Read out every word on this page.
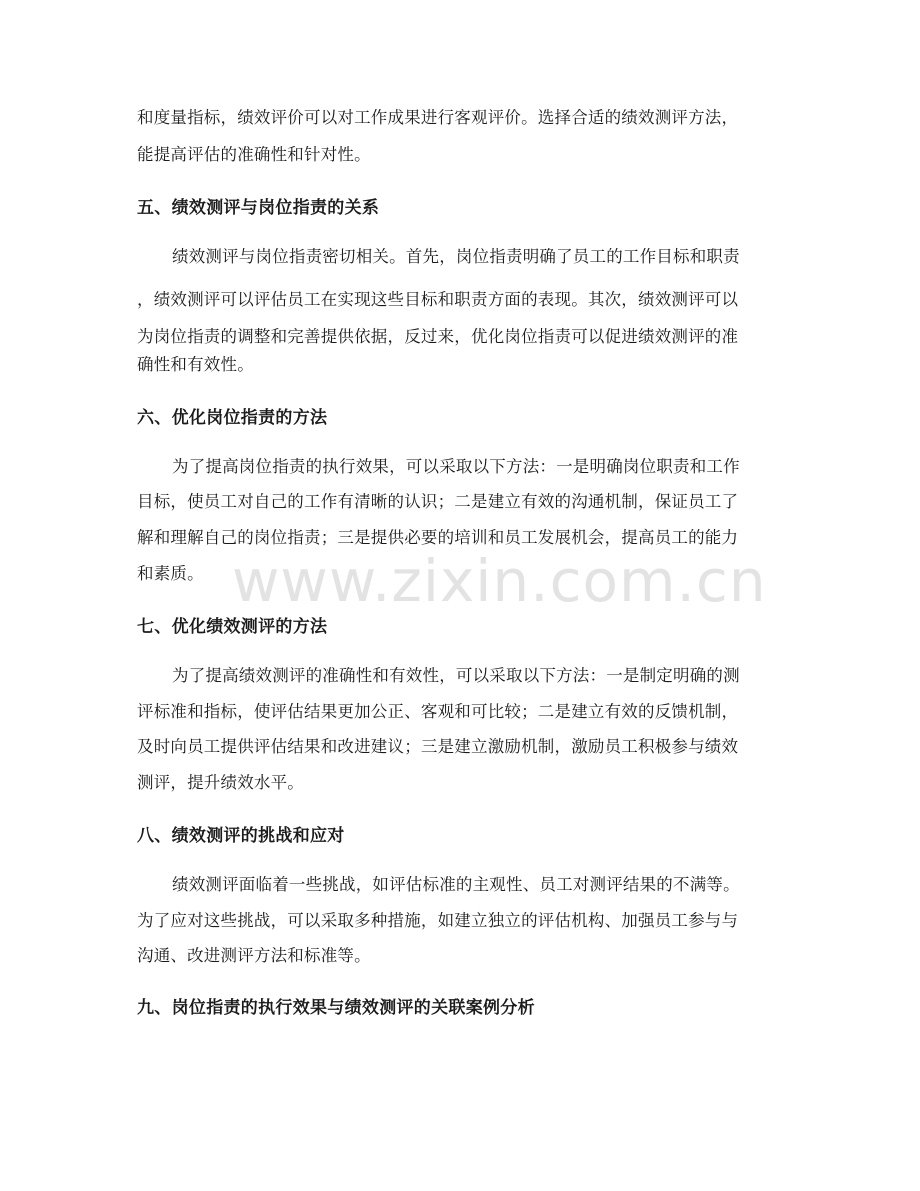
www.zixin.com.cn
和度量指标，绩效评价可以对工作成果进行客观评价。选择合适的绩效测评方法，
能提高评估的准确性和针对性。
五、绩效测评与岗位指责的关系
绩效测评与岗位指责密切相关。首先，岗位指责明确了员工的工作目标和职责
，绩效测评可以评估员工在实现这些目标和职责方面的表现。其次，绩效测评可以
为岗位指责的调整和完善提供依据，反过来，优化岗位指责可以促进绩效测评的准
确性和有效性。
六、优化岗位指责的方法
为了提高岗位指责的执行效果，可以采取以下方法：一是明确岗位职责和工作
目标，使员工对自己的工作有清晰的认识；二是建立有效的沟通机制，保证员工了
解和理解自己的岗位指责；三是提供必要的培训和员工发展机会，提高员工的能力
和素质。
七、优化绩效测评的方法
为了提高绩效测评的准确性和有效性，可以采取以下方法：一是制定明确的测
评标准和指标，使评估结果更加公正、客观和可比较；二是建立有效的反馈机制，
及时向员工提供评估结果和改进建议；三是建立激励机制，激励员工积极参与绩效
测评，提升绩效水平。
八、绩效测评的挑战和应对
绩效测评面临着一些挑战，如评估标准的主观性、员工对测评结果的不满等。
为了应对这些挑战，可以采取多种措施，如建立独立的评估机构、加强员工参与与
沟通、改进测评方法和标准等。
九、岗位指责的执行效果与绩效测评的关联案例分析
